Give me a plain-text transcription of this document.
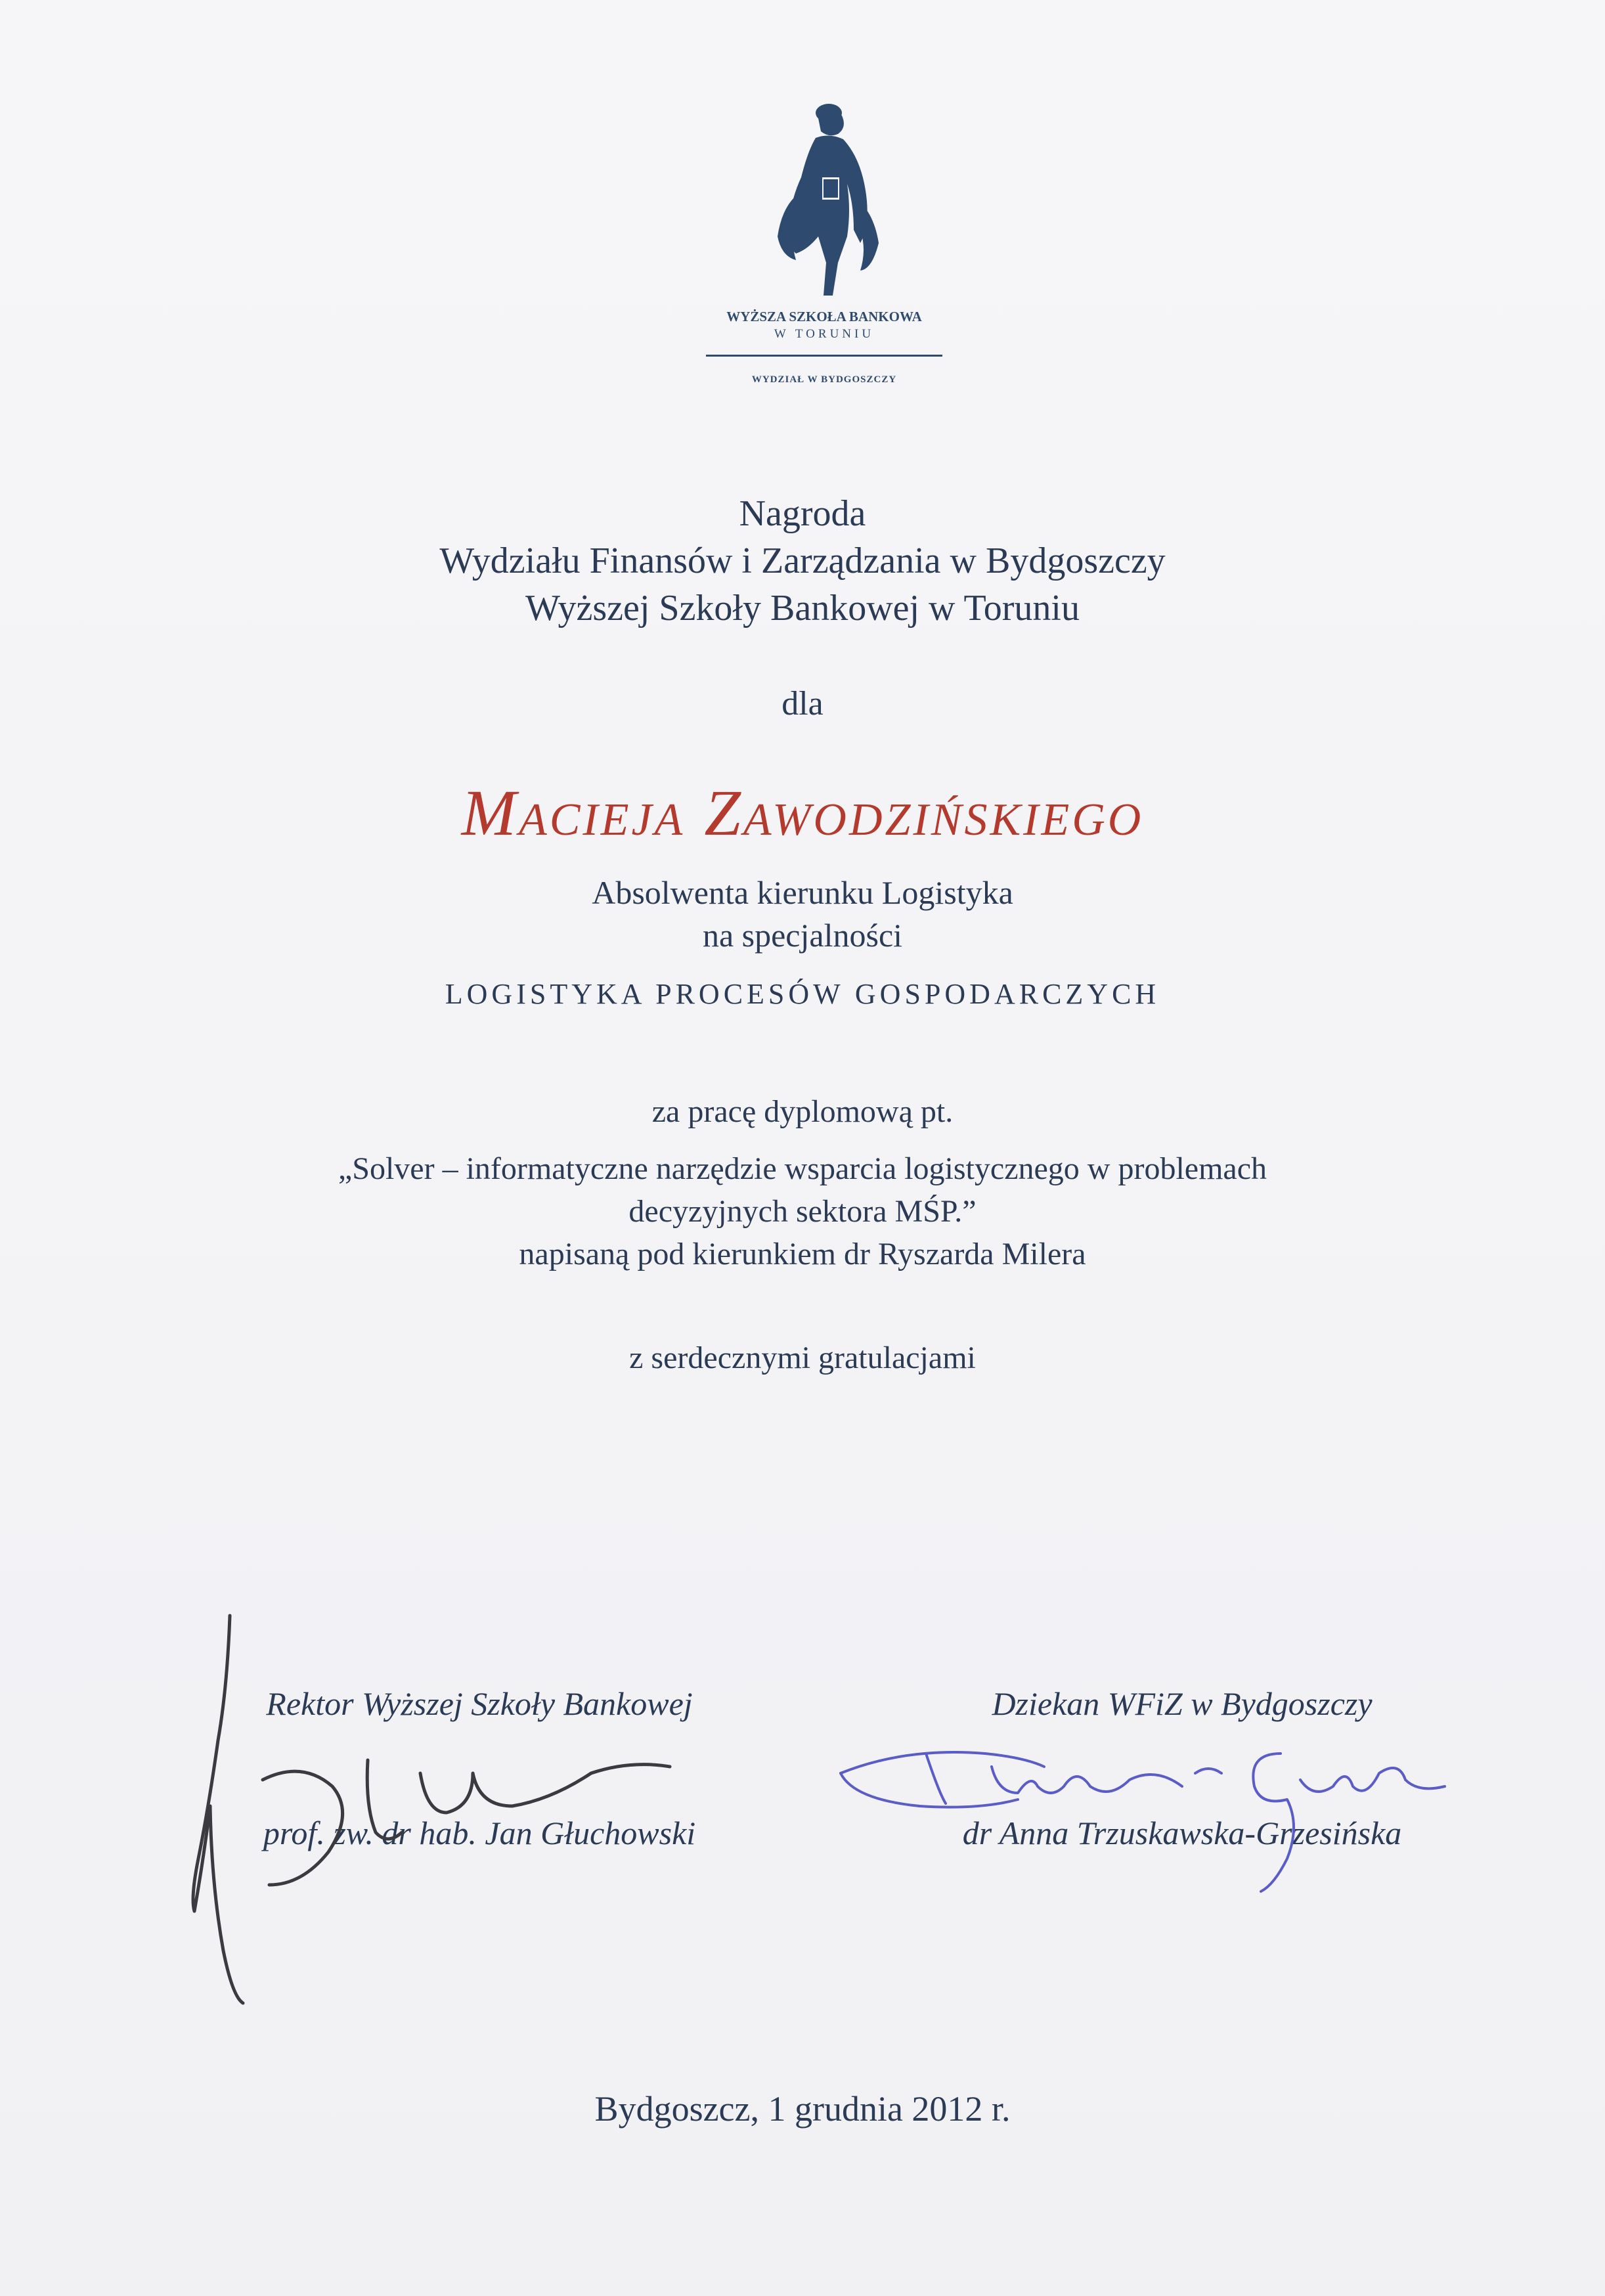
WYŻSZA SZKOŁA BANKOWA
W TORUNIU
WYDZIAŁ W BYDGOSZCZY
Nagroda
Wydziału Finansów i Zarządzania w Bydgoszczy
Wyższej Szkoły Bankowej w Toruniu
dla
Macieja Zawodzińskiego
Absolwenta kierunku Logistyka
na specjalności
LOGISTYKA PROCESÓW GOSPODARCZYCH
za pracę dyplomową pt.
„Solver – informatyczne narzędzie wsparcia logistycznego w problemach
decyzyjnych sektora MŚP.”
napisaną pod kierunkiem dr Ryszarda Milera
z serdecznymi gratulacjami
Rektor Wyższej Szkoły Bankowej
prof. zw. dr hab. Jan Głuchowski
Dziekan WFiZ w Bydgoszczy
dr Anna Trzuskawska-Grzesińska
Bydgoszcz, 1 grudnia 2012 r.
